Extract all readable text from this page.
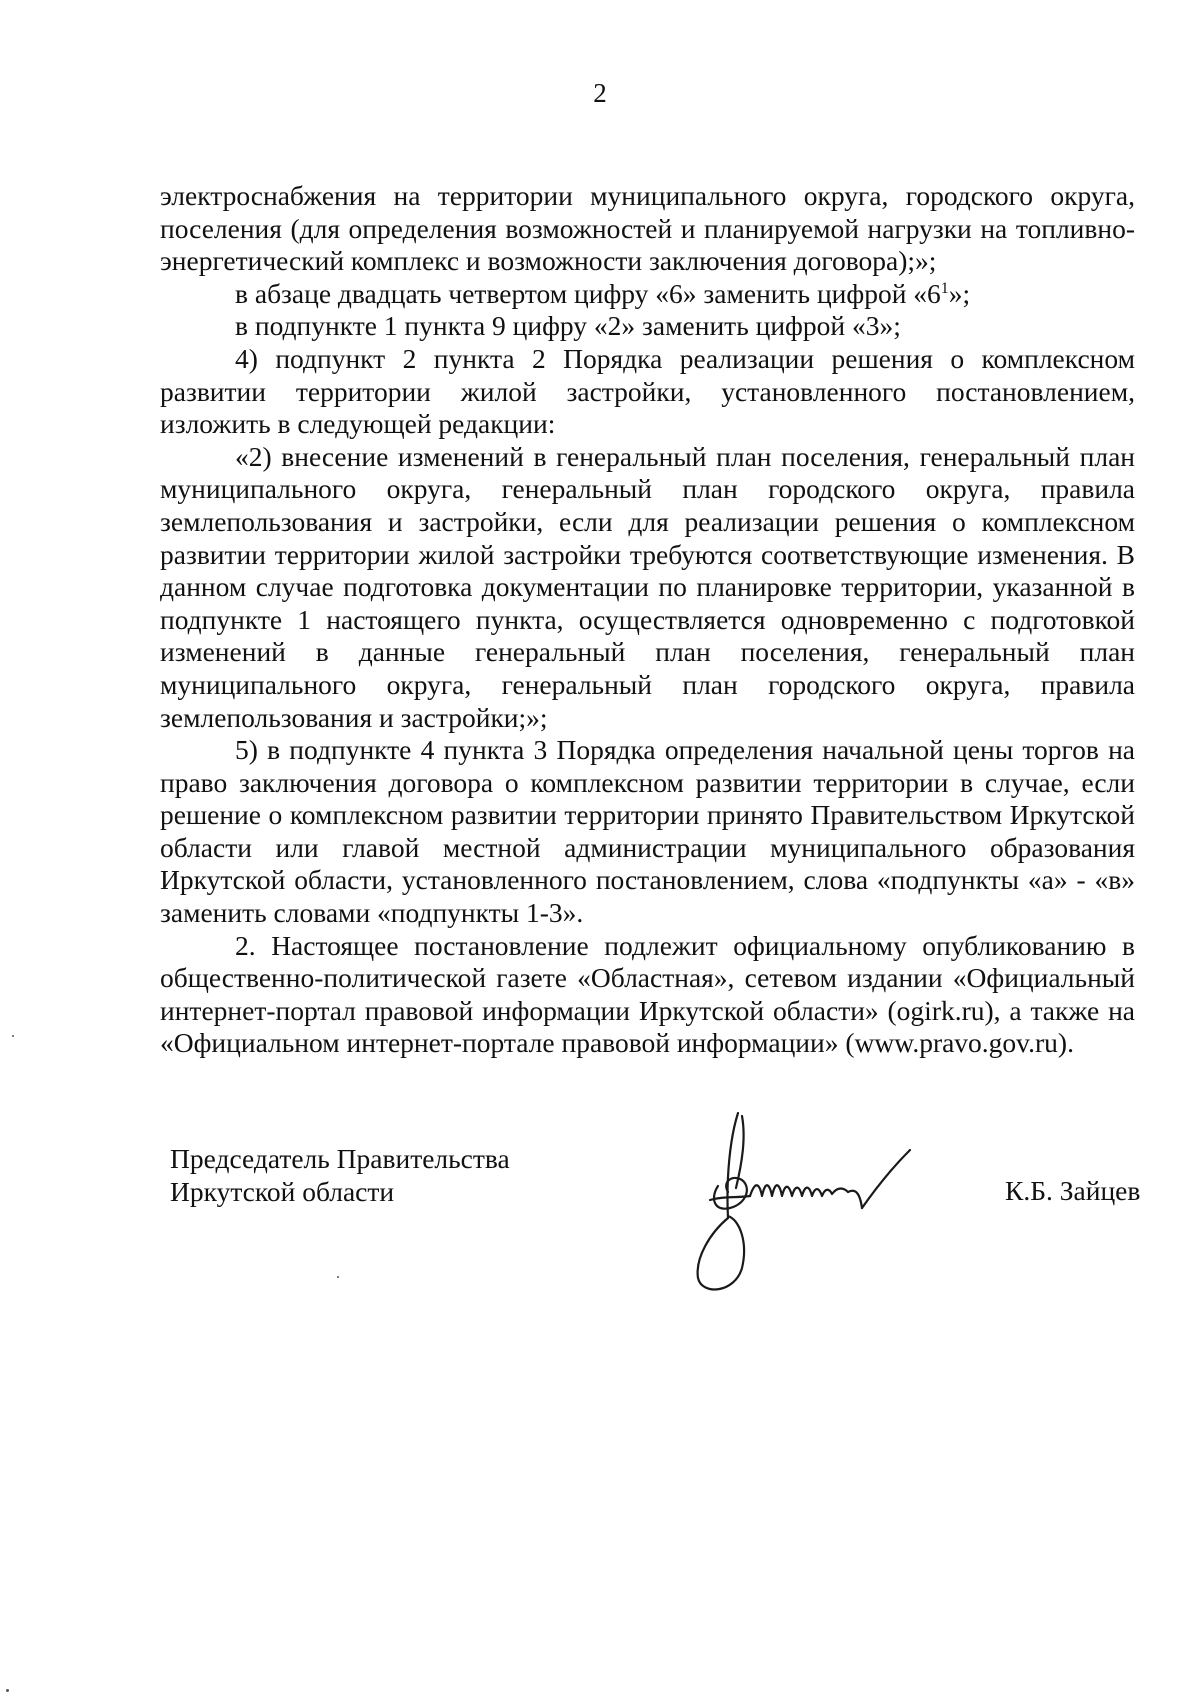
2

электроснабжения на территории муниципального округа, городского округа, поселения (для определения возможностей и планируемой нагрузки на топливно-энергетический комплекс и возможности заключения договора);»;

в абзаце двадцать четвертом цифру «6» заменить цифрой «$6^1$»;

в подпункте 1 пункта 9 цифру «2» заменить цифрой «3»;

4) подпункт 2 пункта 2 Порядка реализации решения о комплексном развитии территории жилой застройки, установленного постановлением, изложить в следующей редакции:

«2) внесение изменений в генеральный план поселения, генеральный план муниципального округа, генеральный план городского округа, правила землепользования и застройки, если для реализации решения о комплексном развитии территории жилой застройки требуются соответствующие изменения. В данном случае подготовка документации по планировке территории, указанной в подпункте 1 настоящего пункта, осуществляется одновременно с подготовкой изменений в данные генеральный план поселения, генеральный план муниципального округа, генеральный план городского округа, правила землепользования и застройки;»;

5) в подпункте 4 пункта 3 Порядка определения начальной цены торгов на право заключения договора о комплексном развитии территории в случае, если решение о комплексном развитии территории принято Правительством Иркутской области или главой местной администрации муниципального образования Иркутской области, установленного постановлением, слова «подпункты «а» - «в» заменить словами «подпункты 1-3».

2. Настоящее постановление подлежит официальному опубликованию в общественно-политической газете «Областная», сетевом издании «Официальный интернет-портал правовой информации Иркутской области» (ogirk.ru), а также на «Официальном интернет-портале правовой информации» (www.pravo.gov.ru).

Председатель Правительства
Иркутской области	К.Б. Зайцев
